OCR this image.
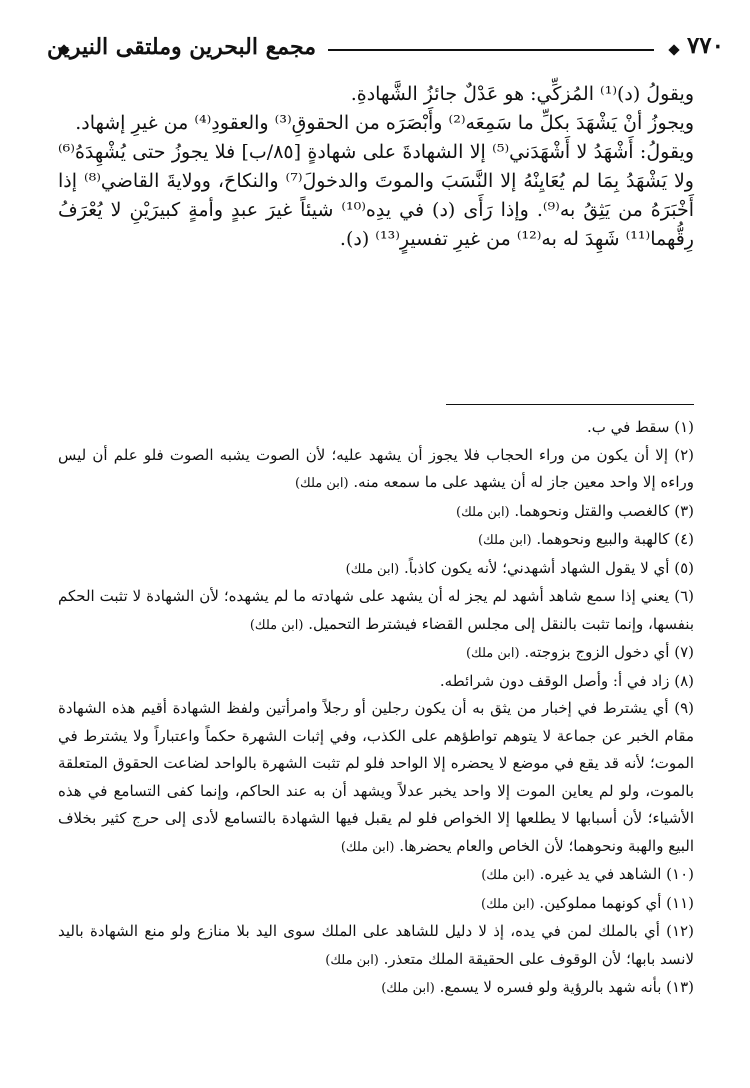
مجمع البحرين وملتقى النيرين	٧٧٠

ويقولُ (د)⁽¹⁾ المُزكِّي: هو عَدْلٌ جائزُ الشَّهادةِ.

ويجوزُ أنْ يَشْهَدَ بكلِّ ما سَمِعَه⁽²⁾ وأَبْصَرَه من الحقوقِ⁽³⁾ والعقودِ⁽⁴⁾ من غيرِ إشهاد.

ويقولُ: أَشْهَدُ لا أَشْهَدَني⁽⁵⁾ إلا الشهادةَ على شهادةٍ [٨٥/ب] فلا يجوزُ حتى يُشْهِدَهُ⁽⁶⁾ ولا يَشْهَدُ بِمَا لم يُعَايِنْهُ إلا النَّسَبَ والموتَ والدخولَ⁽⁷⁾ والنكاحَ، وولايةَ القاضي⁽⁸⁾ إذا أَخْبَرَهُ من يَثِقُ به⁽⁹⁾. وإذا رَأَى (د) في يدِه⁽¹⁰⁾ شيئاً غيرَ عبدٍ وأمةٍ كبيرَيْنِ لا يُعْرَفُ رِقُّهما⁽¹¹⁾ شَهِدَ له به⁽¹²⁾ من غيرِ تفسيرٍ⁽¹³⁾ (د).

(١) سقط في ب.

(٢) إلا أن يكون من وراء الحجاب فلا يجوز أن يشهد عليه؛ لأن الصوت يشبه الصوت فلو علم أن ليس وراءه إلا واحد معين جاز له أن يشهد على ما سمعه منه. (ابن ملك)

(٣) كالغصب والقتل ونحوهما. (ابن ملك)

(٤) كالهبة والبيع ونحوهما. (ابن ملك)

(٥) أي لا يقول الشهاد أشهدني؛ لأنه يكون كاذباً. (ابن ملك)

(٦) يعني إذا سمع شاهد أشهد لم يجز له أن يشهد على شهادته ما لم يشهده؛ لأن الشهادة لا تثبت الحكم بنفسها، وإنما تثبت بالنقل إلى مجلس القضاء فيشترط التحميل. (ابن ملك)

(٧) أي دخول الزوج بزوجته. (ابن ملك)

(٨) زاد في أ: وأصل الوقف دون شرائطه.

(٩) أي يشترط في إخبار من يثق به أن يكون رجلين أو رجلاً وامرأتين ولفظ الشهادة أقيم هذه الشهادة مقام الخبر عن جماعة لا يتوهم تواطؤهم على الكذب، وفي إثبات الشهرة حكماً واعتباراً ولا يشترط في الموت؛ لأنه قد يقع في موضع لا يحضره إلا الواحد فلو لم تثبت الشهرة بالواحد لضاعت الحقوق المتعلقة بالموت، ولو لم يعاين الموت إلا واحد يخبر عدلاً ويشهد أن به عند الحاكم، وإنما كفى التسامع في هذه الأشياء؛ لأن أسبابها لا يطلعها إلا الخواص فلو لم يقبل فيها الشهادة بالتسامع لأدى إلى حرج كثير بخلاف البيع والهبة ونحوهما؛ لأن الخاص والعام يحضرها. (ابن ملك)

(١٠) الشاهد في يد غيره. (ابن ملك)

(١١) أي كونهما مملوكين. (ابن ملك)

(١٢) أي بالملك لمن في يده، إذ لا دليل للشاهد على الملك سوى اليد بلا منازع ولو منع الشهادة باليد لانسد بابها؛ لأن الوقوف على الحقيقة الملك متعذر. (ابن ملك)

(١٣) بأنه شهد بالرؤية ولو فسره لا يسمع. (ابن ملك)
